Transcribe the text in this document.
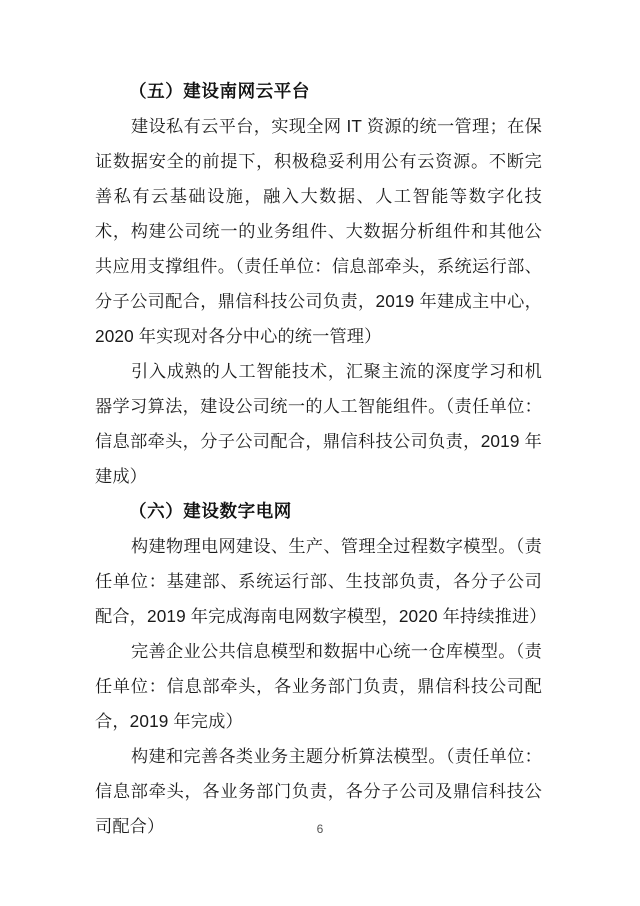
（五）建设南网云平台

建设私有云平台，实现全网 IT 资源的统一管理；在保证数据安全的前提下，积极稳妥利用公有云资源。不断完善私有云基础设施，融入大数据、人工智能等数字化技术，构建公司统一的业务组件、大数据分析组件和其他公共应用支撑组件。（责任单位：信息部牵头，系统运行部、分子公司配合，鼎信科技公司负责，2019 年建成主中心，2020 年实现对各分中心的统一管理）

引入成熟的人工智能技术，汇聚主流的深度学习和机器学习算法，建设公司统一的人工智能组件。（责任单位：信息部牵头，分子公司配合，鼎信科技公司负责，2019 年建成）

（六）建设数字电网

构建物理电网建设、生产、管理全过程数字模型。（责任单位：基建部、系统运行部、生技部负责，各分子公司配合，2019 年完成海南电网数字模型，2020 年持续推进）

完善企业公共信息模型和数据中心统一仓库模型。（责任单位：信息部牵头，各业务部门负责，鼎信科技公司配合，2019 年完成）

构建和完善各类业务主题分析算法模型。（责任单位：信息部牵头，各业务部门负责，各分子公司及鼎信科技公司配合）	6
